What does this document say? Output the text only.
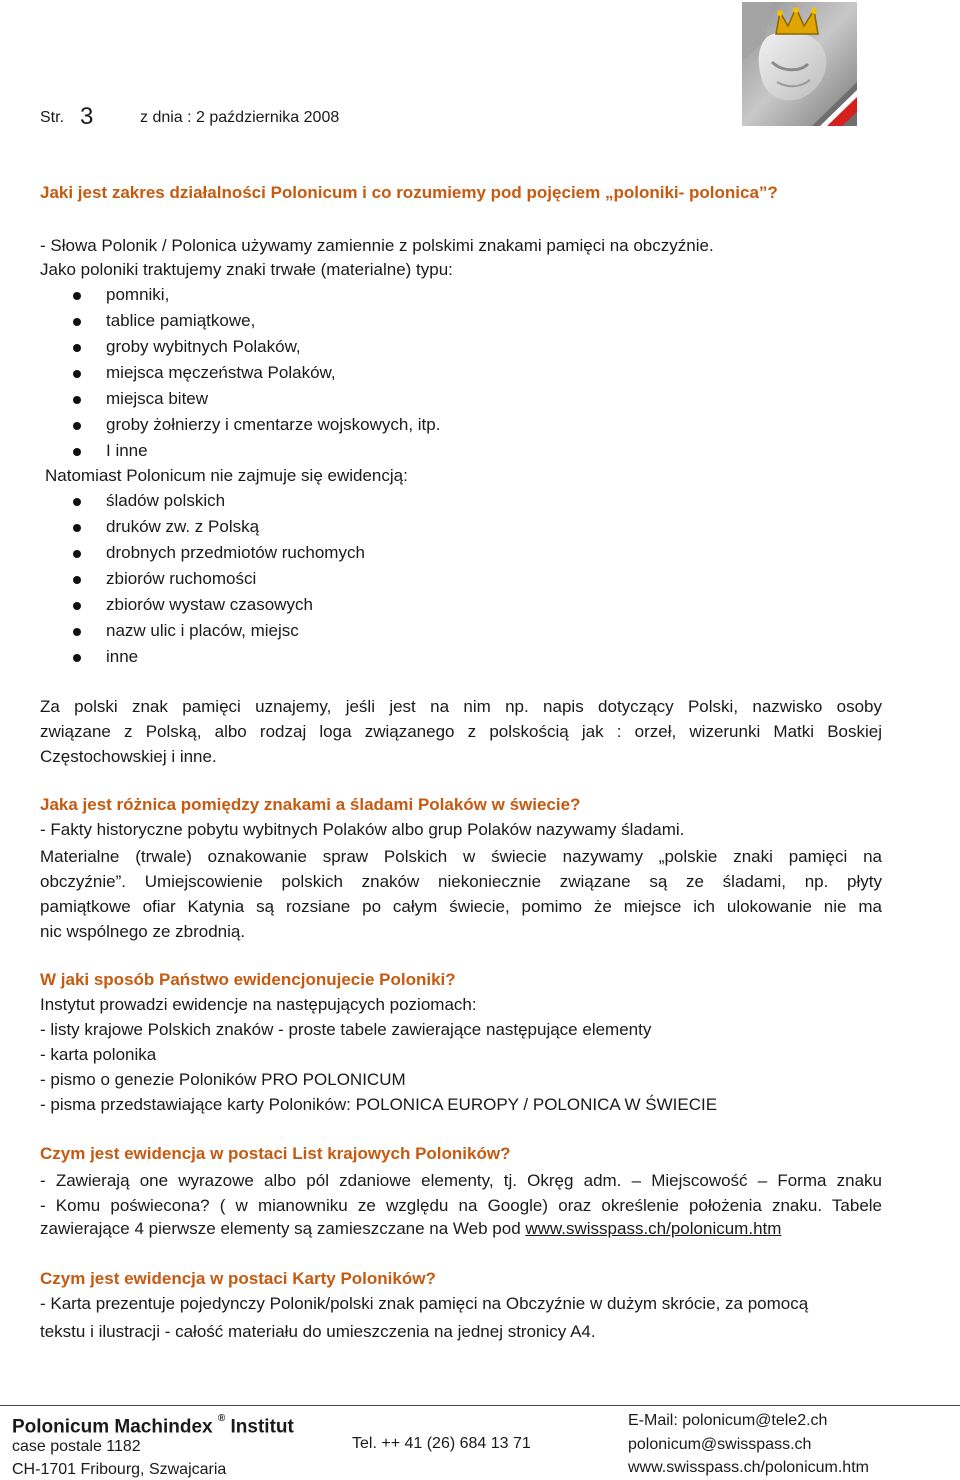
Str. 3	z dnia : 2 października 2008
Jaki jest zakres działalności Polonicum i co rozumiemy pod pojęciem „poloniki- polonica”?
- Słowa Polonik / Polonica używamy zamiennie z polskimi znakami pamięci na obczyźnie.
Jako poloniki traktujemy znaki trwałe (materialne) typu:
pomniki,
tablice pamiątkowe,
groby wybitnych Polaków,
miejsca męczeństwa Polaków,
miejsca bitew
groby żołnierzy i cmentarze wojskowych, itp.
I inne
Natomiast Polonicum nie zajmuje się ewidencją:
śladów polskich
druków zw. z Polską
drobnych przedmiotów ruchomych
zbiorów ruchomości
zbiorów wystaw czasowych
nazw ulic i placów, miejsc
inne
Za polski znak pamięci uznajemy, jeśli jest na nim np. napis dotyczący Polski, nazwisko osoby
związane z Polską, albo rodzaj loga związanego z polskością jak : orzeł, wizerunki Matki Boskiej
Częstochowskiej i inne.
Jaka jest różnica pomiędzy znakami a śladami Polaków w świecie?
- Fakty historyczne pobytu wybitnych Polaków albo grup Polaków nazywamy śladami.
Materialne (trwale) oznakowanie spraw Polskich w świecie nazywamy „polskie znaki pamięci na
obczyźnie”. Umiejscowienie polskich znaków niekoniecznie związane są ze śladami, np. płyty
pamiątkowe ofiar Katynia są rozsiane po całym świecie, pomimo że miejsce ich ulokowanie nie ma
nic wspólnego ze zbrodnią.
W jaki sposób Państwo ewidencjonujecie Poloniki?
Instytut prowadzi ewidencje na następujących poziomach:
- listy krajowe Polskich znaków - proste tabele zawierające następujące elementy
- karta polonika
- pismo o genezie Poloników PRO POLONICUM
- pisma przedstawiające karty Poloników: POLONICA EUROPY / POLONICA W ŚWIECIE
Czym jest ewidencja w postaci List krajowych Poloników?
- Zawierają one wyrazowe albo pól zdaniowe elementy, tj. Okręg adm. – Miejscowość – Forma znaku
- Komu poświecona? ( w mianowniku ze względu na Google) oraz określenie położenia znaku. Tabele
zawierające 4 pierwsze elementy są zamieszczane na Web pod www.swisspass.ch/polonicum.htm
Czym jest ewidencja w postaci Karty Poloników?
- Karta prezentuje pojedynczy Polonik/polski znak pamięci na Obczyźnie w dużym skrócie, za pomocą
tekstu i ilustracji - całość materiału do umieszczenia na jednej stronicy A4.
Polonicum Machindex ® Institut
case postale 1182
CH-1701 Fribourg, Szwajcaria
Tel. ++ 41 (26) 684 13 71
E-Mail: polonicum@tele2.ch
polonicum@swisspass.ch
www.swisspass.ch/polonicum.htm
